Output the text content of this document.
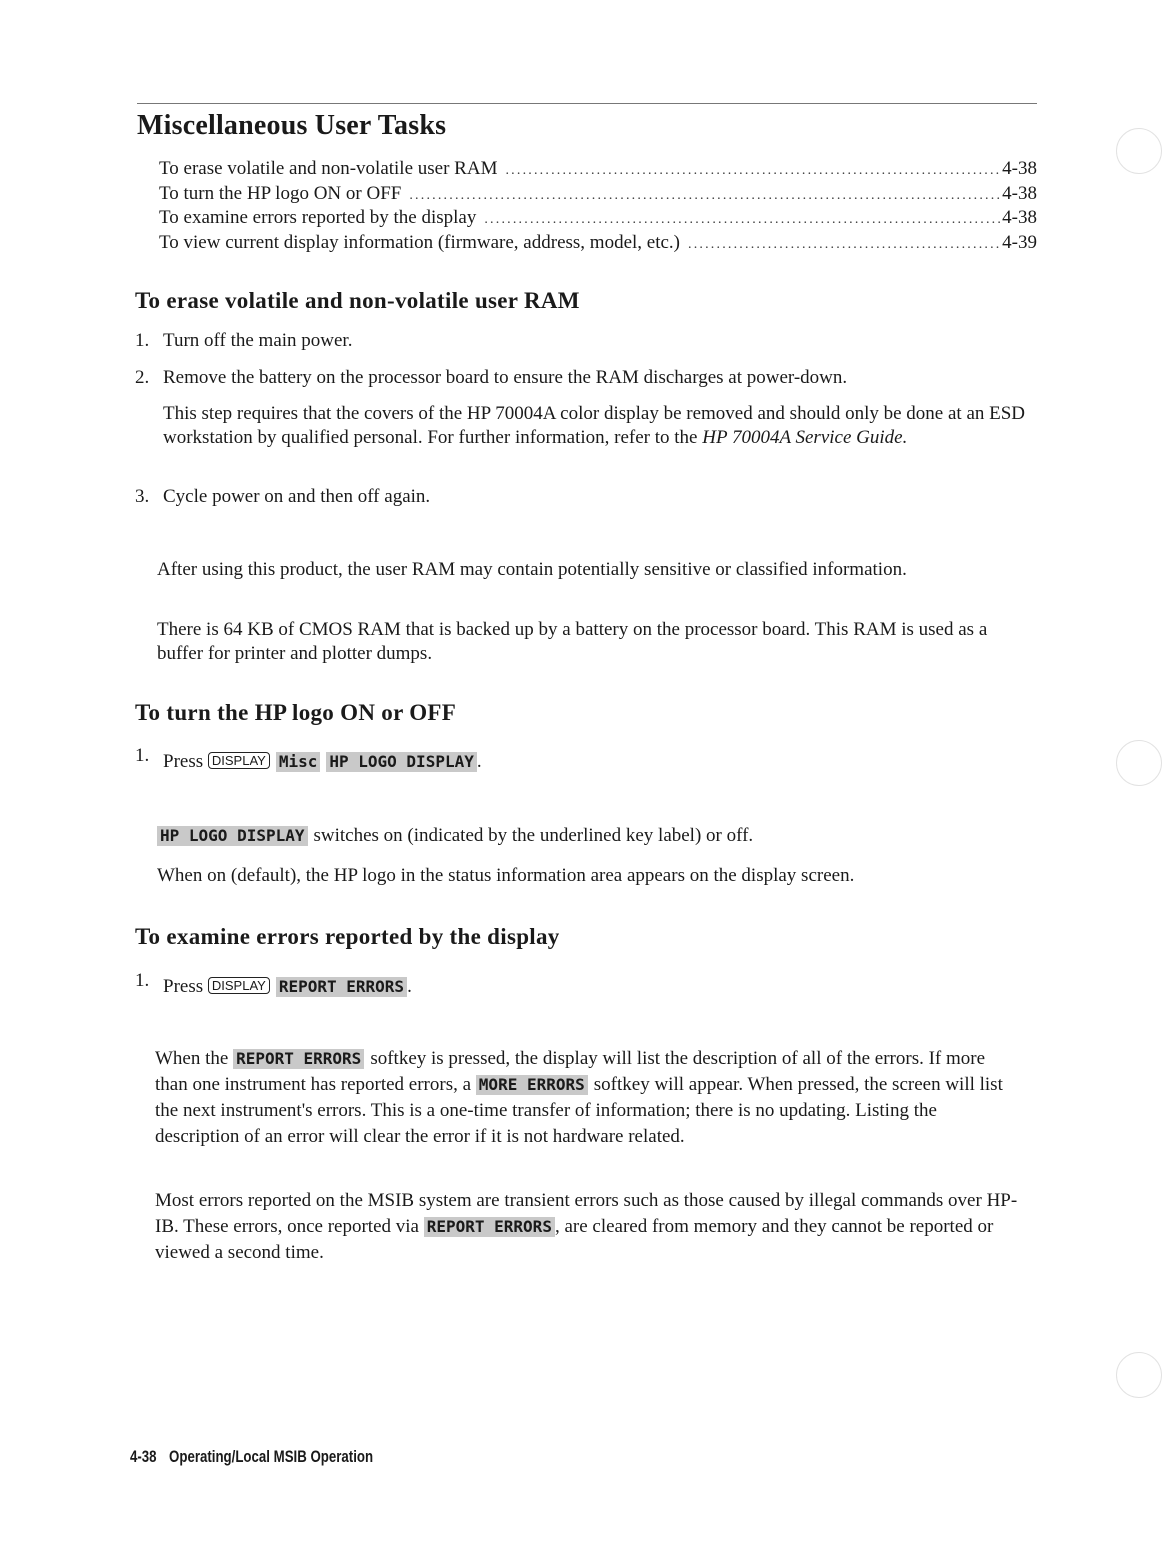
Miscellaneous User Tasks
To erase volatile and non-volatile user RAM .....	4-38
To turn the HP logo ON or OFF .....	4-38
To examine errors reported by the display .....	4-38
To view current display information (firmware, address, model, etc.) .....	4-39
To erase volatile and non-volatile user RAM
1. Turn off the main power.
2. Remove the battery on the processor board to ensure the RAM discharges at power-down.

This step requires that the covers of the HP 70004A color display be removed and should only be done at an ESD workstation by qualified personal. For further information, refer to the HP 70004A Service Guide.

3. Cycle power on and then off again.

After using this product, the user RAM may contain potentially sensitive or classified information.

There is 64 KB of CMOS RAM that is backed up by a battery on the processor board. This RAM is used as a buffer for printer and plotter dumps.

To turn the HP logo ON or OFF
1. Press DISPLAY Misc HP LOGO DISPLAY .

HP LOGO DISPLAY switches on (indicated by the underlined key label) or off.

When on (default), the HP logo in the status information area appears on the display screen.

To examine errors reported by the display
1. Press DISPLAY REPORT ERRORS .

When the REPORT ERRORS softkey is pressed, the display will list the description of all of the errors. If more than one instrument has reported errors, a MORE ERRORS softkey will appear. When pressed, the screen will list the next instrument's errors. This is a one-time transfer of information; there is no updating. Listing the description of an error will clear the error if it is not hardware related.

Most errors reported on the MSIB system are transient errors such as those caused by illegal commands over HP-IB. These errors, once reported via REPORT ERRORS , are cleared from memory and they cannot be reported or viewed a second time.

4-38 Operating/Local MSIB Operation
